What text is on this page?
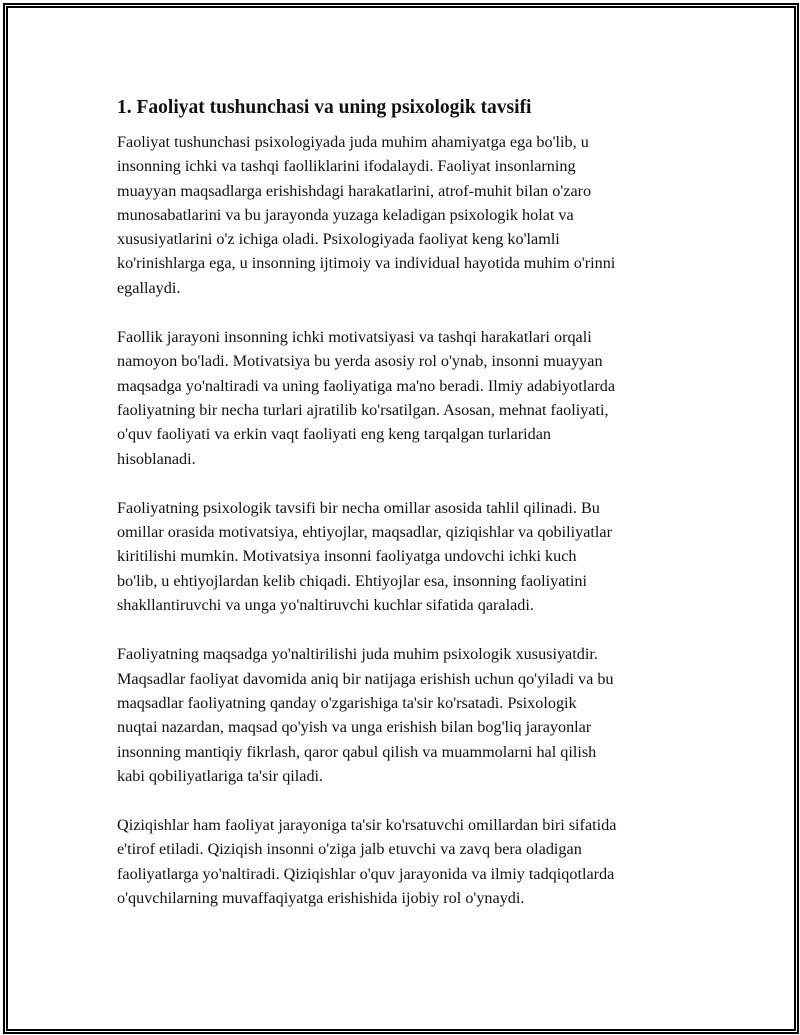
1. Faoliyat tushunchasi va uning psixologik tavsifi

Faoliyat tushunchasi psixologiyada juda muhim ahamiyatga ega bo'lib, u
insonning ichki va tashqi faolliklarini ifodalaydi. Faoliyat insonlarning
muayyan maqsadlarga erishishdagi harakatlarini, atrof-muhit bilan o'zaro
munosabatlarini va bu jarayonda yuzaga keladigan psixologik holat va
xususiyatlarini o'z ichiga oladi. Psixologiyada faoliyat keng ko'lamli
ko'rinishlarga ega, u insonning ijtimoiy va individual hayotida muhim o'rinni
egallaydi.

Faollik jarayoni insonning ichki motivatsiyasi va tashqi harakatlari orqali
namoyon bo'ladi. Motivatsiya bu yerda asosiy rol o'ynab, insonni muayyan
maqsadga yo'naltiradi va uning faoliyatiga ma'no beradi. Ilmiy adabiyotlarda
faoliyatning bir necha turlari ajratilib ko'rsatilgan. Asosan, mehnat faoliyati,
o'quv faoliyati va erkin vaqt faoliyati eng keng tarqalgan turlaridan
hisoblanadi.

Faoliyatning psixologik tavsifi bir necha omillar asosida tahlil qilinadi. Bu
omillar orasida motivatsiya, ehtiyojlar, maqsadlar, qiziqishlar va qobiliyatlar
kiritilishi mumkin. Motivatsiya insonni faoliyatga undovchi ichki kuch
bo'lib, u ehtiyojlardan kelib chiqadi. Ehtiyojlar esa, insonning faoliyatini
shakllantiruvchi va unga yo'naltiruvchi kuchlar sifatida qaraladi.

Faoliyatning maqsadga yo'naltirilishi juda muhim psixologik xususiyatdir.
Maqsadlar faoliyat davomida aniq bir natijaga erishish uchun qo'yiladi va bu
maqsadlar faoliyatning qanday o'zgarishiga ta'sir ko'rsatadi. Psixologik
nuqtai nazardan, maqsad qo'yish va unga erishish bilan bog'liq jarayonlar
insonning mantiqiy fikrlash, qaror qabul qilish va muammolarni hal qilish
kabi qobiliyatlariga ta'sir qiladi.

Qiziqishlar ham faoliyat jarayoniga ta'sir ko'rsatuvchi omillardan biri sifatida
e'tirof etiladi. Qiziqish insonni o'ziga jalb etuvchi va zavq bera oladigan
faoliyatlarga yo'naltiradi. Qiziqishlar o'quv jarayonida va ilmiy tadqiqotlarda
o'quvchilarning muvaffaqiyatga erishishida ijobiy rol o'ynaydi.
